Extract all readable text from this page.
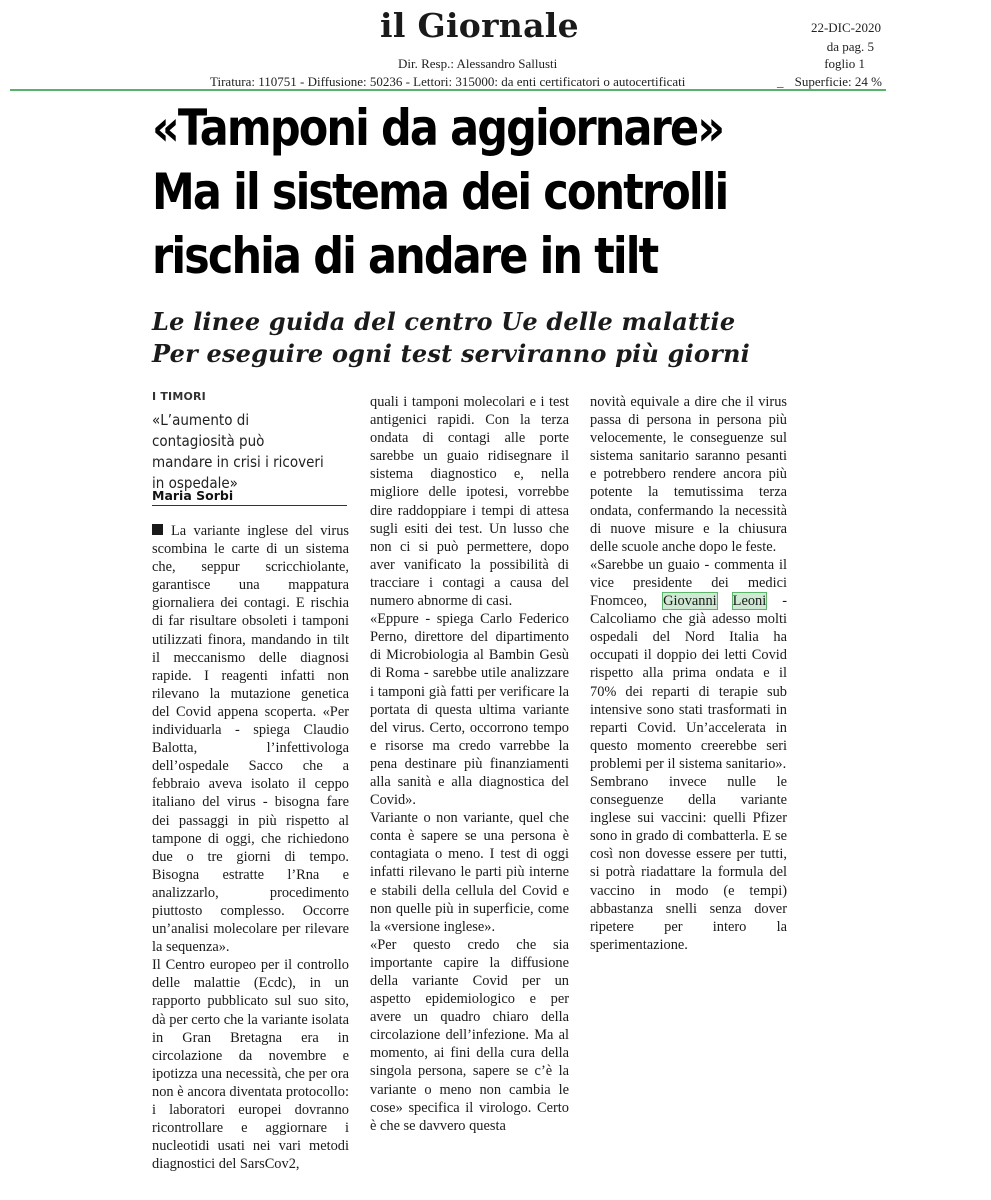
il Giornale
Dir. Resp.: Alessandro Sallusti
Tiratura: 110751 - Diffusione: 50236 - Lettori: 315000: da enti certificatori o autocertificati
22-DIC-2020
da pag. 5
foglio 1
_ Superficie: 24 %
«Tamponi da aggiornare»
Ma il sistema dei controlli
rischia di andare in tilt
Le linee guida del centro Ue delle malattie
Per eseguire ogni test serviranno più giorni
I TIMORI
«L’aumento di contagiosità può mandare in crisi i ricoveri in ospedale»
Maria Sorbi

La variante inglese del virus scombina le carte di un sistema che, seppur scricchiolante, garantisce una mappatura giornaliera dei contagi. E rischia di far risultare obsoleti i tamponi utilizzati finora, mandando in tilt il meccanismo delle diagnosi rapide. I reagenti infatti non rilevano la mutazione genetica del Covid appena scoperta. «Per individuarla - spiega Claudio Balotta, l’infettivologa dell’ospedale Sacco che a febbraio aveva isolato il ceppo italiano del virus - bisogna fare dei passaggi in più rispetto al tampone di oggi, che richiedono due o tre giorni di tempo. Bisogna estratte l’Rna e analizzarlo, procedimento piuttosto complesso. Occorre un’analisi molecolare per rilevare la sequenza».

Il Centro europeo per il controllo delle malattie (Ecdc), in un rapporto pubblicato sul suo sito, dà per certo che la variante isolata in Gran Bretagna era in circolazione da novembre e ipotizza una necessità, che per ora non è ancora diventata protocollo: i laboratori europei dovranno ricontrollare e aggiornare i nucleotidi usati nei vari metodi diagnostici del SarsCov2,

quali i tamponi molecolari e i test antigenici rapidi. Con la terza ondata di contagi alle porte sarebbe un guaio ridisegnare il sistema diagnostico e, nella migliore delle ipotesi, vorrebbe dire raddoppiare i tempi di attesa sugli esiti dei test. Un lusso che non ci si può permettere, dopo aver vanificato la possibilità di tracciare i contagi a causa del numero abnorme di casi.

«Eppure - spiega Carlo Federico Perno, direttore del dipartimento di Microbiologia al Bambin Gesù di Roma - sarebbe utile analizzare i tamponi già fatti per verificare la portata di questa ultima variante del virus. Certo, occorrono tempo e risorse ma credo varrebbe la pena destinare più finanziamenti alla sanità e alla diagnostica del Covid».

Variante o non variante, quel che conta è sapere se una persona è contagiata o meno. I test di oggi infatti rilevano le parti più interne e stabili della cellula del Covid e non quelle più in superficie, come la «versione inglese».

«Per questo credo che sia importante capire la diffusione della variante Covid per un aspetto epidemiologico e per avere un quadro chiaro della circolazione dell’infezione. Ma al momento, ai fini della cura della singola persona, sapere se c’è la variante o meno non cambia le cose» specifica il virologo. Certo è che se davvero questa

novità equivale a dire che il virus passa di persona in persona più velocemente, le conseguenze sul sistema sanitario saranno pesanti e potrebbero rendere ancora più potente la temutissima terza ondata, confermando la necessità di nuove misure e la chiusura delle scuole anche dopo le feste.

«Sarebbe un guaio - commenta il vice presidente dei medici Fnomceo, Giovanni Leoni - Calcoliamo che già adesso molti ospedali del Nord Italia ha occupati il doppio dei letti Covid rispetto alla prima ondata e il 70% dei reparti di terapie sub intensive sono stati trasformati in reparti Covid. Un’accelerata in questo momento creerebbe seri problemi per il sistema sanitario».

Sembrano invece nulle le conseguenze della variante inglese sui vaccini: quelli Pfizer sono in grado di combatterla. E se così non dovesse essere per tutti, si potrà riadattare la formula del vaccino in modo (e tempi) abbastanza snelli senza dover ripetere per intero la sperimentazione.
